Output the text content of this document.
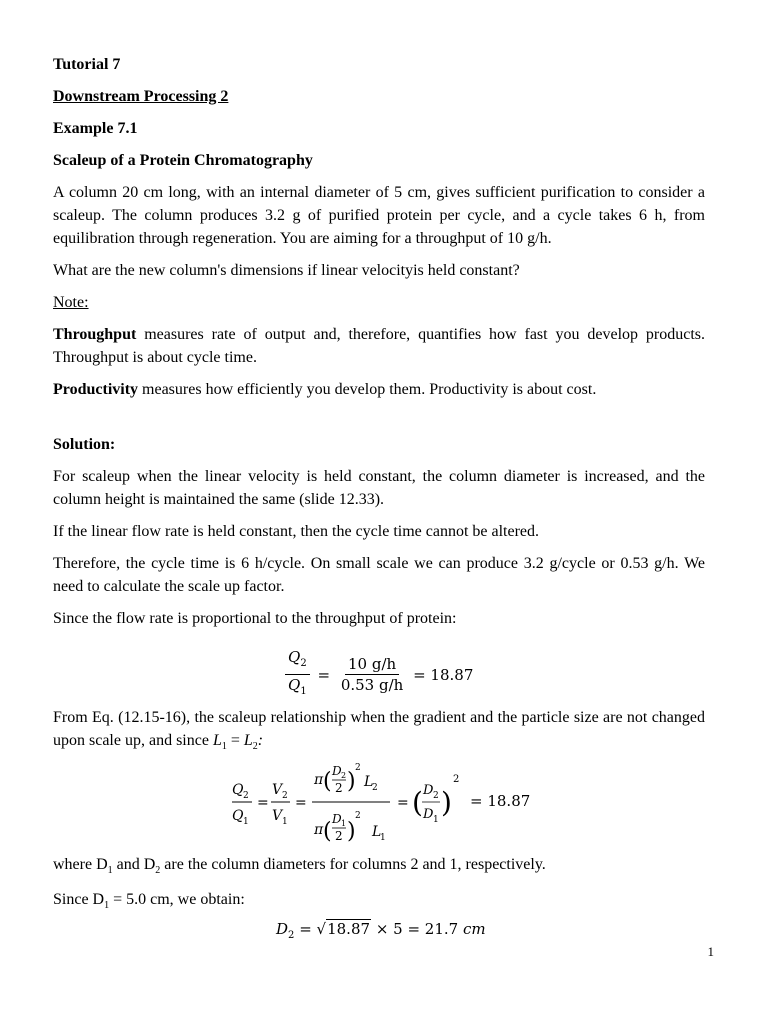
Tutorial 7

Downstream Processing 2

Example 7.1

Scaleup of a Protein Chromatography

A column 20 cm long, with an internal diameter of 5 cm, gives sufficient purification to consider a scaleup. The column produces 3.2 g of purified protein per cycle, and a cycle takes 6 h, from equilibration through regeneration. You are aiming for a throughput of 10 g/h.

What are the new column's dimensions if linear velocityis held constant?

Note:

Throughput measures rate of output and, therefore, quantifies how fast you develop products. Throughput is about cycle time.

Productivity measures how efficiently you develop them. Productivity is about cost.

Solution:

For scaleup when the linear velocity is held constant, the column diameter is increased, and the column height is maintained the same (slide 12.33).

If the linear flow rate is held constant, then the cycle time cannot be altered.

Therefore, the cycle time is 6 h/cycle. On small scale we can produce 3.2 g/cycle or 0.53 g/h. We need to calculate the scale up factor.

Since the flow rate is proportional to the throughput of protein:

$\frac{Q_2}{Q_1} = \frac{10 g/h}{0.53 g/h} = 18.87$

From Eq. (12.15-16), the scaleup relationship when the gradient and the particle size are not changed upon scale up, and since $L_1 = L_2$:

Q 2
Q 1
=
V 2
V 1
=
π ( D 2
2 )
2
L
2
π ( D 1
2 )
2
L
1
= ( D 2
D 1
)
2
= 18.87

where $D_1$ and $D_2$ are the column diameters for columns 2 and 1, respectively.

Since $D_1 = 5.0$ cm, we obtain:

$D_2 = √18.87 \times 5 = 21.7$ cm
1
